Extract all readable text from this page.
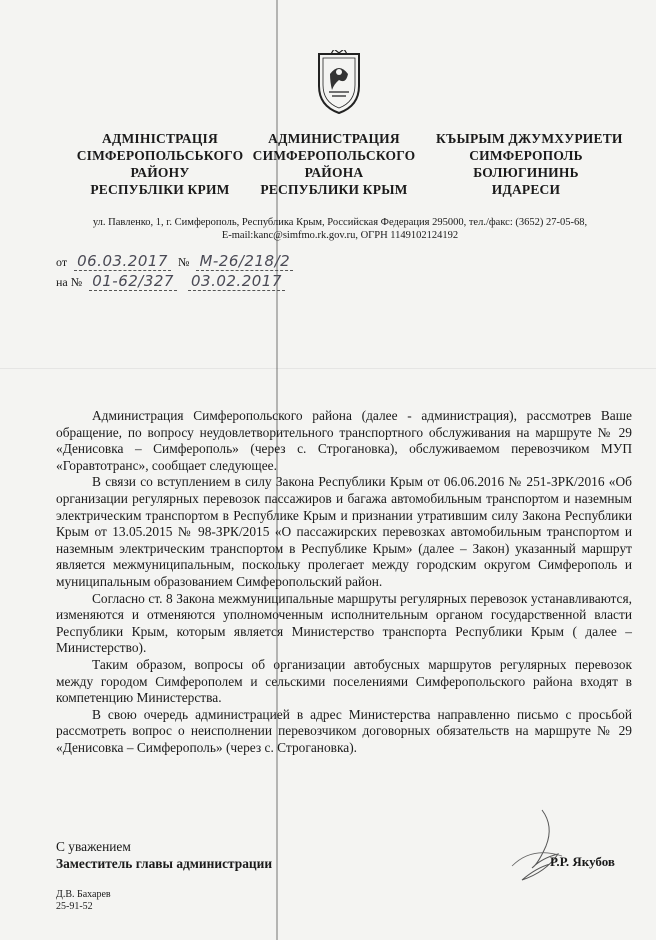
АДМІНІСТРАЦІЯ
СІМФЕРОПОЛЬСЬКОГО
РАЙОНУ
РЕСПУБЛІКИ КРИМ
АДМИНИСТРАЦИЯ
СИМФЕРОПОЛЬСКОГО
РАЙОНА
РЕСПУБЛИКИ КРЫМ
КЪЫРЫМ ДЖУМХУРИЕТИ
СИМФЕРОПОЛЬ
БОЛЮГИНИНЬ
ИДАРЕСИ
ул. Павленко, 1, г. Симферополь, Республика Крым, Российская Федерация 295000, тел./факс: (3652) 27-05-68,
E-mail:kanc@simfmo.rk.gov.ru, ОГРН 1149102124192
от 06.03.2017 № М-26/218/2
на № 01-62/327 03.02.2017

Администрация Симферопольского района (далее - администрация), рассмотрев Ваше обращение, по вопросу неудовлетворительного транспортного обслуживания на маршруте № 29 «Денисовка – Симферополь» (через с. Строгановка), обслуживаемом перевозчиком МУП «Горавтотранс», сообщает следующее.

В связи со вступлением в силу Закона Республики Крым от 06.06.2016 № 251-ЗРК/2016 «Об организации регулярных перевозок пассажиров и багажа автомобильным транспортом и наземным электрическим транспортом в Республике Крым и признании утратившим силу Закона Республики Крым от 13.05.2015 № 98-ЗРК/2015 «О пассажирских перевозках автомобильным транспортом и наземным электрическим транспортом в Республике Крым» (далее – Закон) указанный маршрут является межмуниципальным, поскольку пролегает между городским округом Симферополь и муниципальным образованием Симферопольский район.

Согласно ст. 8 Закона межмуниципальные маршруты регулярных перевозок устанавливаются, изменяются и отменяются уполномоченным исполнительным органом государственной власти Республики Крым, которым является Министерство транспорта Республики Крым ( далее – Министерство).

Таким образом, вопросы об организации автобусных маршрутов регулярных перевозок между городом Симферополем и сельскими поселениями Симферопольского района входят в компетенцию Министерства.

В свою очередь администрацией в адрес Министерства направленно письмо с просьбой рассмотреть вопрос о неисполнении перевозчиком договорных обязательств на маршруте № 29 «Денисовка – Симферополь» (через с. Строгановка).

С уважением
Заместитель главы администрации	Р.Р. Якубов
Д.В. Бахарев
25-91-52
